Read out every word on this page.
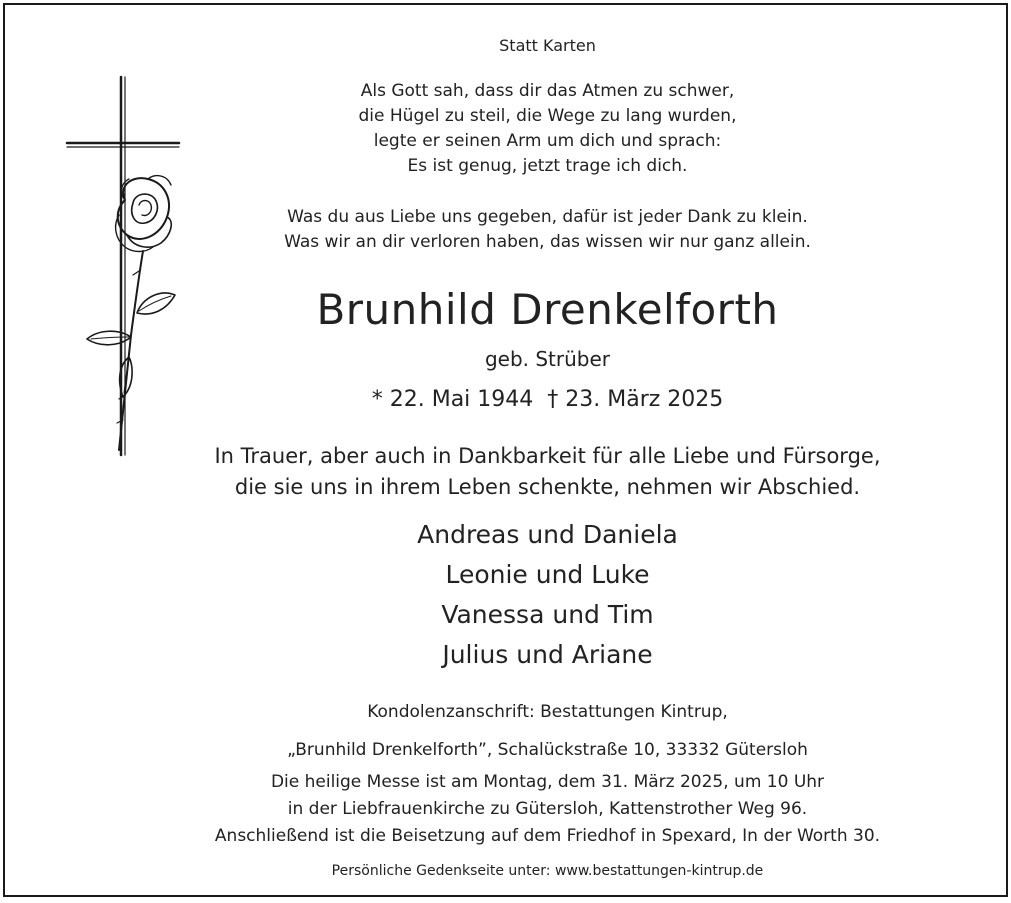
Statt Karten
Als Gott sah, dass dir das Atmen zu schwer,
die Hügel zu steil, die Wege zu lang wurden,
legte er seinen Arm um dich und sprach:
Es ist genug, jetzt trage ich dich.
Was du aus Liebe uns gegeben, dafür ist jeder Dank zu klein.
Was wir an dir verloren haben, das wissen wir nur ganz allein.
Brunhild Drenkelforth
geb. Strüber
* 22. Mai 1944  † 23. März 2025
In Trauer, aber auch in Dankbarkeit für alle Liebe und Fürsorge,
die sie uns in ihrem Leben schenkte, nehmen wir Abschied.
Andreas und Daniela
Leonie und Luke
Vanessa und Tim
Julius und Ariane
Kondolenzanschrift: Bestattungen Kintrup,
„Brunhild Drenkelforth”, Schalückstraße 10, 33332 Gütersloh
Die heilige Messe ist am Montag, dem 31. März 2025, um 10 Uhr
in der Liebfrauenkirche zu Gütersloh, Kattenstrother Weg 96.
Anschließend ist die Beisetzung auf dem Friedhof in Spexard, In der Worth 30.
Persönliche Gedenkseite unter: www.bestattungen-kintrup.de
